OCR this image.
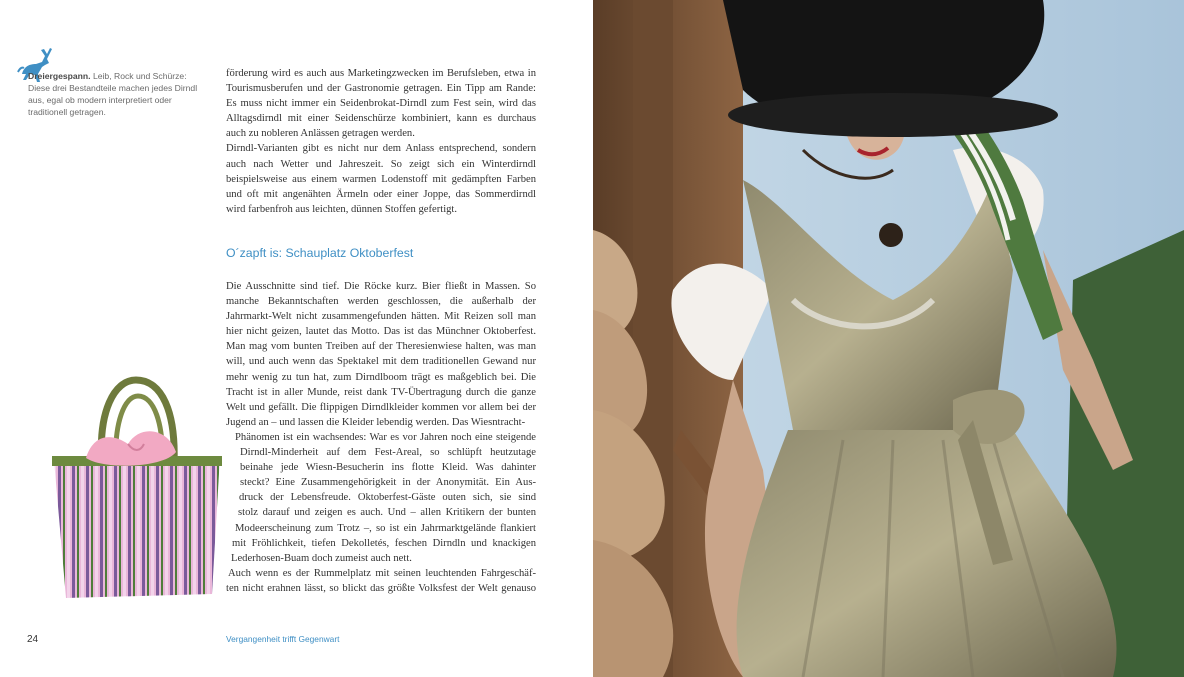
Dreiergespann. Leib, Rock und Schürze: Diese drei Bestandteile machen jedes Dirndl aus, egal ob modern interpretiert oder traditionell getragen.

förderung wird es auch aus Marketingzwecken im Berufsleben, etwa in Tourismusberufen und der Gastronomie getragen. Ein Tipp am Rande: Es muss nicht immer ein Seidenbrokat-Dirndl zum Fest sein, wird das Alltagsdirndl mit einer Seidenschürze kombiniert, kann es durchaus auch zu nobleren Anlässen getragen werden.

Dirndl-Varianten gibt es nicht nur dem Anlass entsprechend, sondern auch nach Wetter und Jahreszeit. So zeigt sich ein Winterdirndl beispielsweise aus einem warmen Lodenstoff mit gedämpften Farben und oft mit angenähten Ärmeln oder einer Joppe, das Sommerdirndl wird farbenfroh aus leichten, dünnen Stoffen gefertigt.

O´zapft is: Schauplatz Oktoberfest

Die Ausschnitte sind tief. Die Röcke kurz. Bier fließt in Massen. So manche Bekanntschaften werden geschlossen, die außerhalb der Jahrmarkt-Welt nicht zusammengefunden hätten. Mit Reizen soll man hier nicht geizen, lautet das Motto. Das ist das Münchner Oktoberfest. Man mag vom bunten Treiben auf der Theresienwiese halten, was man will, und auch wenn das Spektakel mit dem traditionellen Gewand nur mehr wenig zu tun hat, zum Dirndlboom trägt es maßgeblich bei. Die Tracht ist in aller Munde, reist dank TV-Übertragung durch die ganze Welt und gefällt. Die flippigen Dirndlkleider kommen vor allem bei der Jugend an – und lassen die Kleider lebendig werden. Das Wiesntracht-

Phänomen ist ein wachsendes: War es vor Jahren noch eine steigende
Dirndl-Minderheit auf dem Fest-Areal, so schlüpft heutzutage
beinahe jede Wiesn-Besucherin ins flotte Kleid. Was dahinter
steckt? Eine Zusammengehörigkeit in der Anonymität. Ein Aus-
druck der Lebensfreude. Oktoberfest-Gäste outen sich, sie sind
stolz darauf und zeigen es auch. Und – allen Kritikern der bunten
Modeerscheinung zum Trotz –, so ist ein Jahrmarktgelände flankiert
mit Fröhlichkeit, tiefen Dekolletés, feschen Dirndln und knackigen
Lederhosen-Buam doch zumeist auch nett.
Auch wenn es der Rummelplatz mit seinen leuchtenden Fahrgeschäf-
ten nicht erahnen lässt, so blickt das größte Volksfest der Welt genauso
24	Vergangenheit trifft Gegenwart
